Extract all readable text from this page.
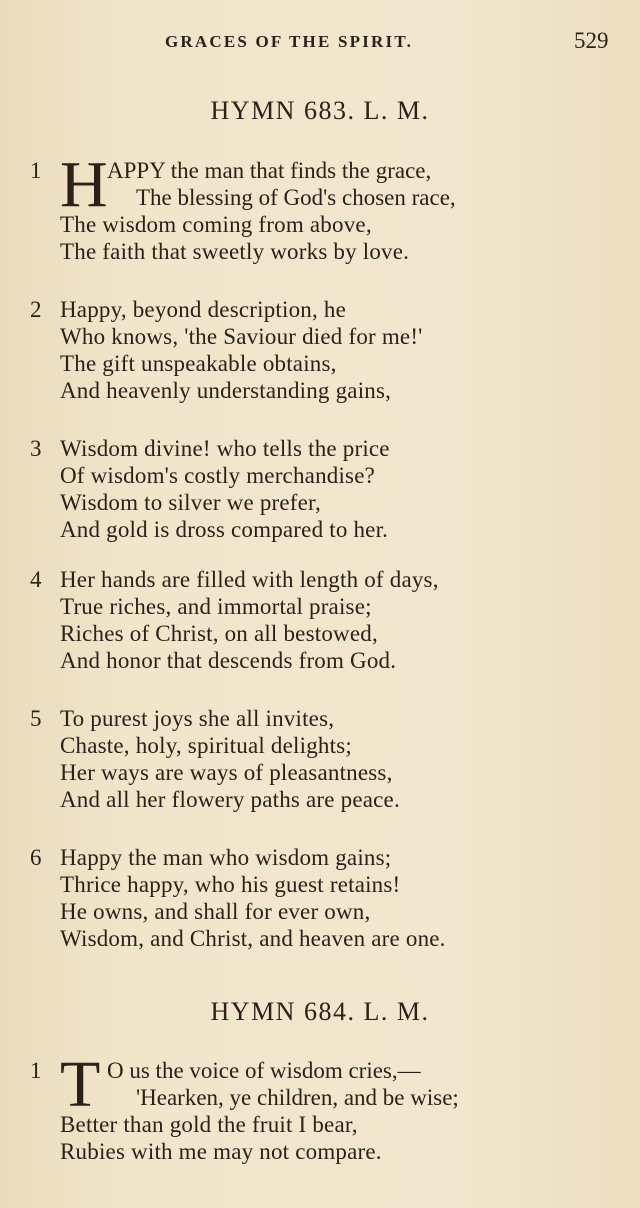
GRACES OF THE SPIRIT.	529
HYMN 683. L. M.
1 H APPY the man that finds the grace,
The blessing of God's chosen race,
The wisdom coming from above,
The faith that sweetly works by love.
2 Happy, beyond description, he
Who knows, 'the Saviour died for me!'
The gift unspeakable obtains,
And heavenly understanding gains,
3 Wisdom divine! who tells the price
Of wisdom's costly merchandise?
Wisdom to silver we prefer,
And gold is dross compared to her.
4 Her hands are filled with length of days,
True riches, and immortal praise;
Riches of Christ, on all bestowed,
And honor that descends from God.
5 To purest joys she all invites,
Chaste, holy, spiritual delights;
Her ways are ways of pleasantness,
And all her flowery paths are peace.
6 Happy the man who wisdom gains;
Thrice happy, who his guest retains!
He owns, and shall for ever own,
Wisdom, and Christ, and heaven are one.
HYMN 684. L. M.
1 T O us the voice of wisdom cries,—
'Hearken, ye children, and be wise;
Better than gold the fruit I bear,
Rubies with me may not compare.
